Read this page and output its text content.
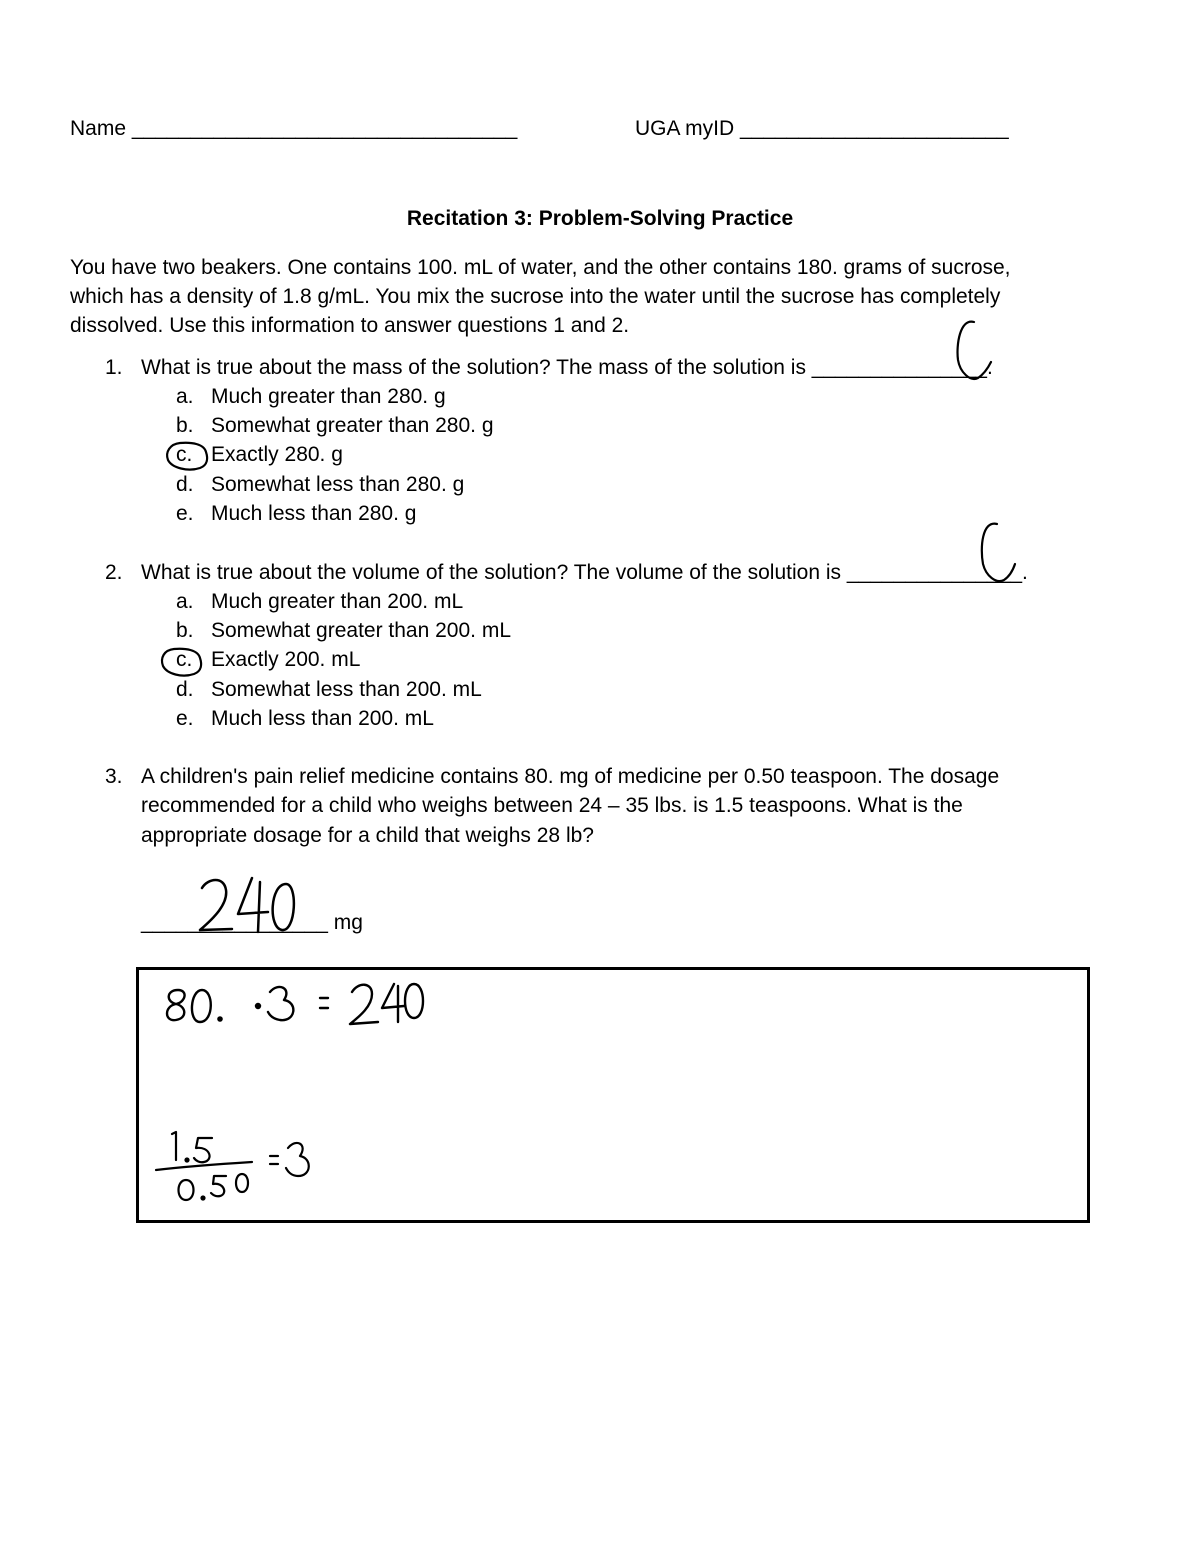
Name _________________________________	UGA myID _______________________
Recitation 3: Problem-Solving Practice

You have two beakers. One contains 100. mL of water, and the other contains 180. grams of sucrose,

which has a density of 1.8 g/mL. You mix the sucrose into the water until the sucrose has completely

dissolved. Use this information to answer questions 1 and 2.

1. What is true about the mass of the solution? The mass of the solution is _______________.
a. Much greater than 280. g
b. Somewhat greater than 280. g
c. Exactly 280. g
d. Somewhat less than 280. g
e. Much less than 280. g
2. What is true about the volume of the solution? The volume of the solution is _______________.
a. Much greater than 200. mL
b. Somewhat greater than 200. mL
c. Exactly 200. mL
d. Somewhat less than 200. mL
e. Much less than 200. mL
3. A children's pain relief medicine contains 80. mg of medicine per 0.50 teaspoon. The dosage
recommended for a child who weighs between 24 – 35 lbs. is 1.5 teaspoons. What is the
appropriate dosage for a child that weighs 28 lb?
________________ mg
